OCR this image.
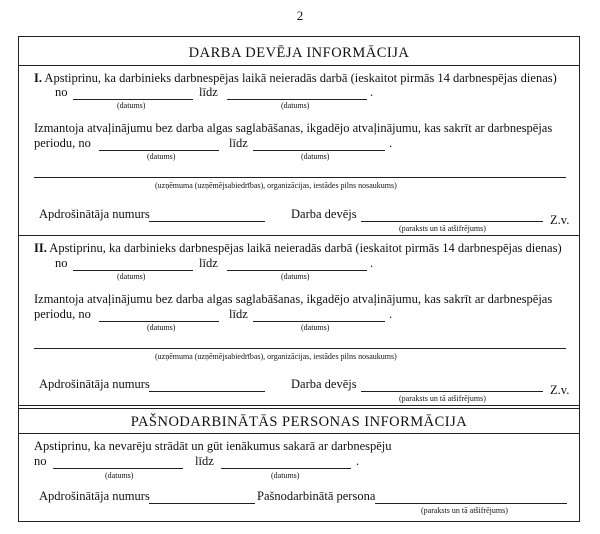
2
DARBA DEVĒJA INFORMĀCIJA
I. Apstiprinu, ka darbinieks darbnespējas laikā neieradās darbā (ieskaitot pirmās 14 darbnespējas dienas)
no	līdz	.
(datums)	(datums)
Izmantoja atvaļinājumu bez darba algas saglabāšanas, ikgadējo atvaļinājumu, kas sakrīt ar darbnespējas
periodu, no	līdz	.
(datums)	(datums)
(uzņēmuma (uzņēmējsabiedrības), organizācijas, iestādes pilns nosaukums)
Apdrošinātāja numurs	Darba devējs
(paraksts un tā atšifrējums)
Z.v.
II. Apstiprinu, ka darbinieks darbnespējas laikā neieradās darbā (ieskaitot pirmās 14 darbnespējas dienas)
no	līdz	.
(datums)	(datums)
Izmantoja atvaļinājumu bez darba algas saglabāšanas, ikgadējo atvaļinājumu, kas sakrīt ar darbnespējas
periodu, no	līdz	.
(datums)	(datums)
(uzņēmuma (uzņēmējsabiedrības), organizācijas, iestādes pilns nosaukums)
Apdrošinātāja numurs	Darba devējs
(paraksts un tā atšifrējums)
Z.v.
PAŠNODARBINĀTĀS PERSONAS INFORMĀCIJA
Apstiprinu, ka nevarēju strādāt un gūt ienākumus sakarā ar darbnespēju
no	līdz	.
(datums)	(datums)
Apdrošinātāja numurs	Pašnodarbinātā persona
(paraksts un tā atšifrējums)
